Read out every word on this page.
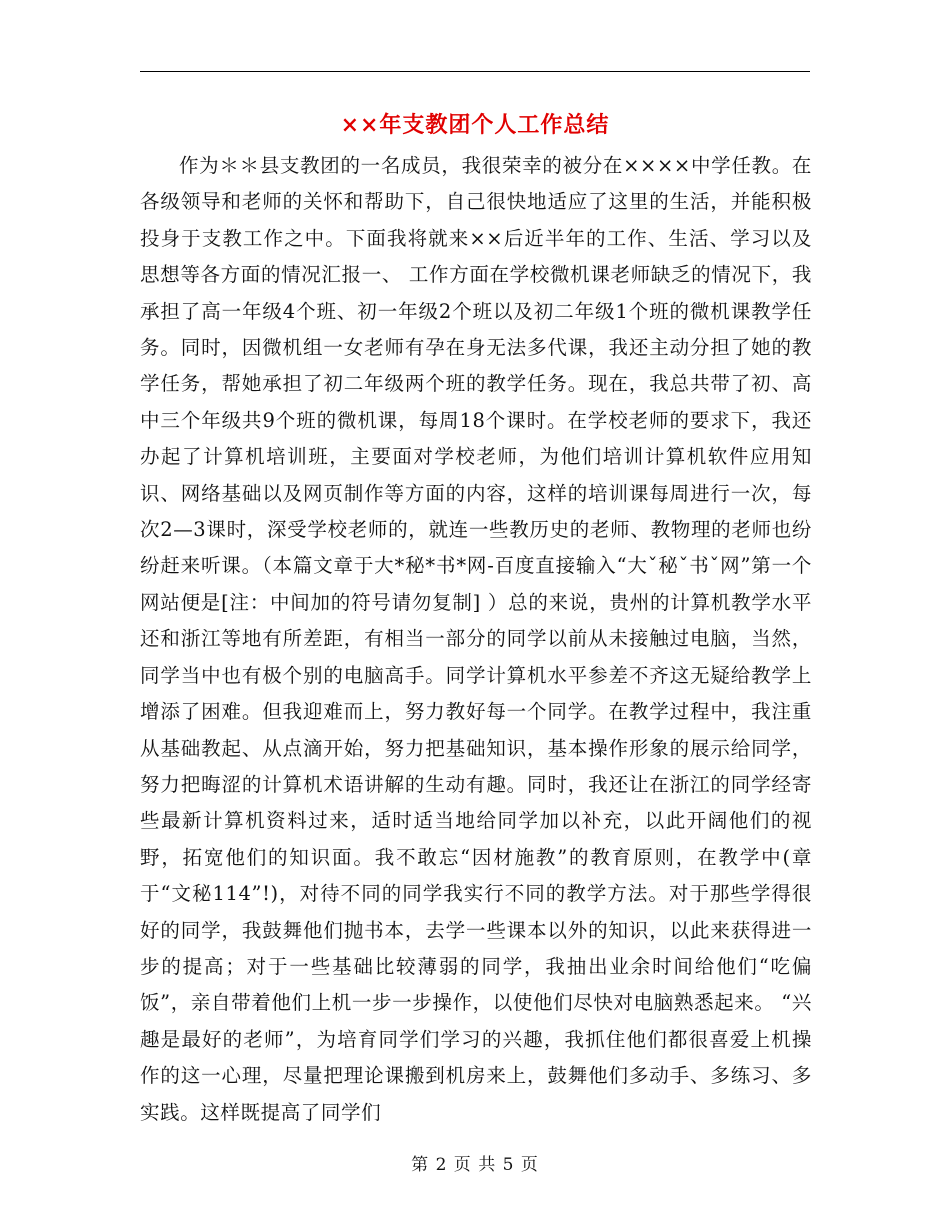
××年支教团个人工作总结

作为＊＊县支教团的一名成员，我很荣幸的被分在××××中学任教。在各级领导和老师的关怀和帮助下，自己很快地适应了这里的生活，并能积极投身于支教工作之中。下面我将就来××后近半年的工作、生活、学习以及思想等各方面的情况汇报一、 工作方面在学校微机课老师缺乏的情况下，我承担了高一年级4个班、初一年级2个班以及初二年级1个班的微机课教学任务。同时，因微机组一女老师有孕在身无法多代课，我还主动分担了她的教学任务，帮她承担了初二年级两个班的教学任务。现在，我总共带了初、高中三个年级共9个班的微机课，每周18个课时。在学校老师的要求下，我还办起了计算机培训班，主要面对学校老师，为他们培训计算机软件应用知识、网络基础以及网页制作等方面的内容，这样的培训课每周进行一次，每次2—3课时，深受学校老师的，就连一些教历史的老师、教物理的老师也纷纷赶来听课。（本篇文章于大*秘*书*网-百度直接输入“大ˇ秘ˇ书ˇ网”第一个网站便是[注：中间加的符号请勿复制] ）总的来说，贵州的计算机教学水平还和浙江等地有所差距，有相当一部分的同学以前从未接触过电脑，当然，同学当中也有极个别的电脑高手。同学计算机水平参差不齐这无疑给教学上增添了困难。但我迎难而上，努力教好每一个同学。在教学过程中，我注重从基础教起、从点滴开始，努力把基础知识，基本操作形象的展示给同学，努力把晦涩的计算机术语讲解的生动有趣。同时，我还让在浙江的同学经寄些最新计算机资料过来，适时适当地给同学加以补充，以此开阔他们的视野，拓宽他们的知识面。我不敢忘“因材施教”的教育原则，在教学中(章于“文秘114”!)，对待不同的同学我实行不同的教学方法。对于那些学得很好的同学，我鼓舞他们抛书本，去学一些课本以外的知识，以此来获得进一步的提高；对于一些基础比较薄弱的同学，我抽出业余时间给他们“吃偏饭”，亲自带着他们上机一步一步操作，以使他们尽快对电脑熟悉起来。 “兴趣是最好的老师”，为培育同学们学习的兴趣，我抓住他们都很喜爱上机操作的这一心理，尽量把理论课搬到机房来上，鼓舞他们多动手、多练习、多实践。这样既提高了同学们

第 2 页 共 5 页
